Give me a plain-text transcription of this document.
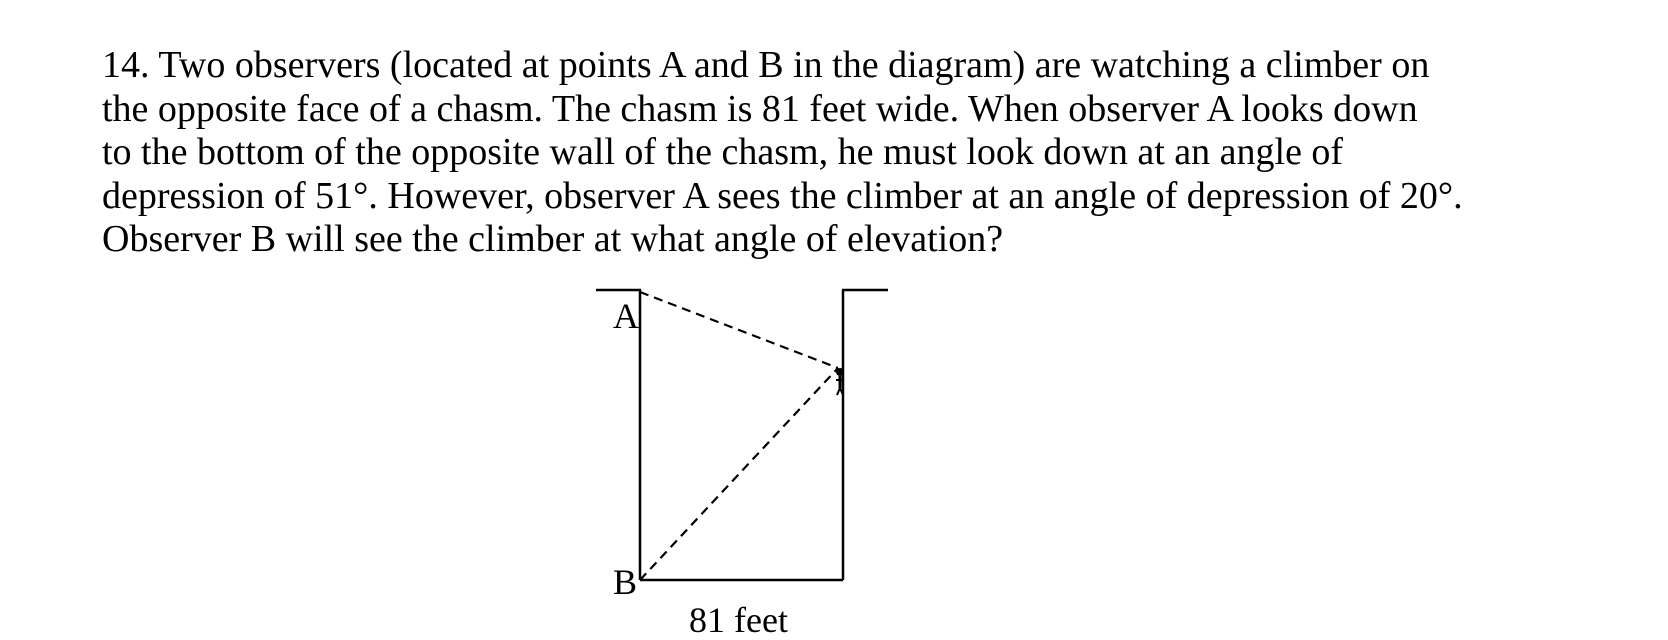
14. Two observers (located at points A and B in the diagram) are watching a climber on
the opposite face of a chasm. The chasm is 81 feet wide. When observer A looks down
to the bottom of the opposite wall of the chasm, he must look down at an angle of
depression of 51°. However, observer A sees the climber at an angle of depression of 20°.
Observer B will see the climber at what angle of elevation?
A
B
81 feet
